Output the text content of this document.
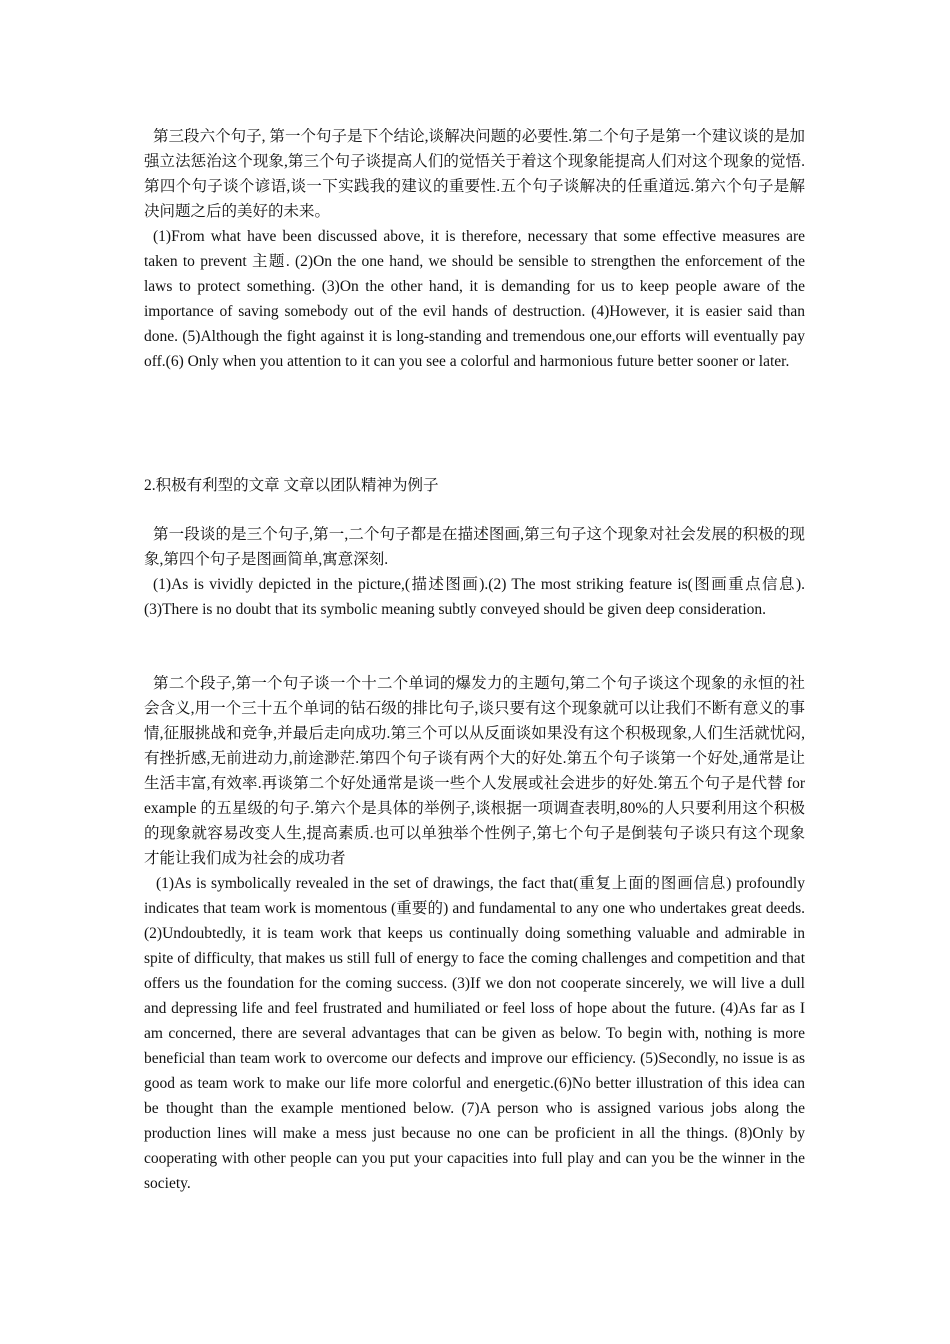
第三段六个句子, 第一个句子是下个结论,谈解决问题的必要性.第二个句子是第一个建议谈的是加强立法惩治这个现象,第三个句子谈提高人们的觉悟关于着这个现象能提高人们对这个现象的觉悟.第四个句子谈个谚语,谈一下实践我的建议的重要性.五个句子谈解决的任重道远.第六个句子是解决问题之后的美好的未来。

(1)From what have been discussed above, it is therefore, necessary that some effective measures are taken to prevent 主题. (2)On the one hand, we should be sensible to strengthen the enforcement of the laws to protect something. (3)On the other hand, it is demanding for us to keep people aware of the importance of saving somebody out of the evil hands of destruction. (4)However, it is easier said than done. (5)Although the fight against it is long-standing and tremendous one,our efforts will eventually pay off.(6) Only when you attention to it can you see a colorful and harmonious future better sooner or later.

2.积极有利型的文章 文章以团队精神为例子

第一段谈的是三个句子,第一,二个句子都是在描述图画,第三句子这个现象对社会发展的积极的现象,第四个句子是图画简单,寓意深刻.

(1)As is vividly depicted in the picture,(描述图画).(2) The most striking feature is(图画重点信息).(3)There is no doubt that its symbolic meaning subtly conveyed should be given deep consideration.

第二个段子,第一个句子谈一个十二个单词的爆发力的主题句,第二个句子谈这个现象的永恒的社会含义,用一个三十五个单词的钻石级的排比句子,谈只要有这个现象就可以让我们不断有意义的事情,征服挑战和竞争,并最后走向成功.第三个可以从反面谈如果没有这个积极现象,人们生活就忧闷,有挫折感,无前进动力,前途渺茫.第四个句子谈有两个大的好处.第五个句子谈第一个好处,通常是让生活丰富,有效率.再谈第二个好处通常是谈一些个人发展或社会进步的好处.第五个句子是代替 for example 的五星级的句子.第六个是具体的举例子,谈根据一项调查表明,80%的人只要利用这个积极的现象就容易改变人生,提高素质.也可以单独举个性例子,第七个句子是倒装句子谈只有这个现象才能让我们成为社会的成功者

(1)As is symbolically revealed in the set of drawings, the fact that(重复上面的图画信息) profoundly indicates that team work is momentous (重要的) and fundamental to any one who undertakes great deeds. (2)Undoubtedly, it is team work that keeps us continually doing something valuable and admirable in spite of difficulty, that makes us still full of energy to face the coming challenges and competition and that offers us the foundation for the coming success. (3)If we don not cooperate sincerely, we will live a dull and depressing life and feel frustrated and humiliated or feel loss of hope about the future. (4)As far as I am concerned, there are several advantages that can be given as below. To begin with, nothing is more beneficial than team work to overcome our defects and improve our efficiency. (5)Secondly, no issue is as good as team work to make our life more colorful and energetic.(6)No better illustration of this idea can be thought than the example mentioned below. (7)A person who is assigned various jobs along the production lines will make a mess just because no one can be proficient in all the things. (8)Only by cooperating with other people can you put your capacities into full play and can you be the winner in the society.
